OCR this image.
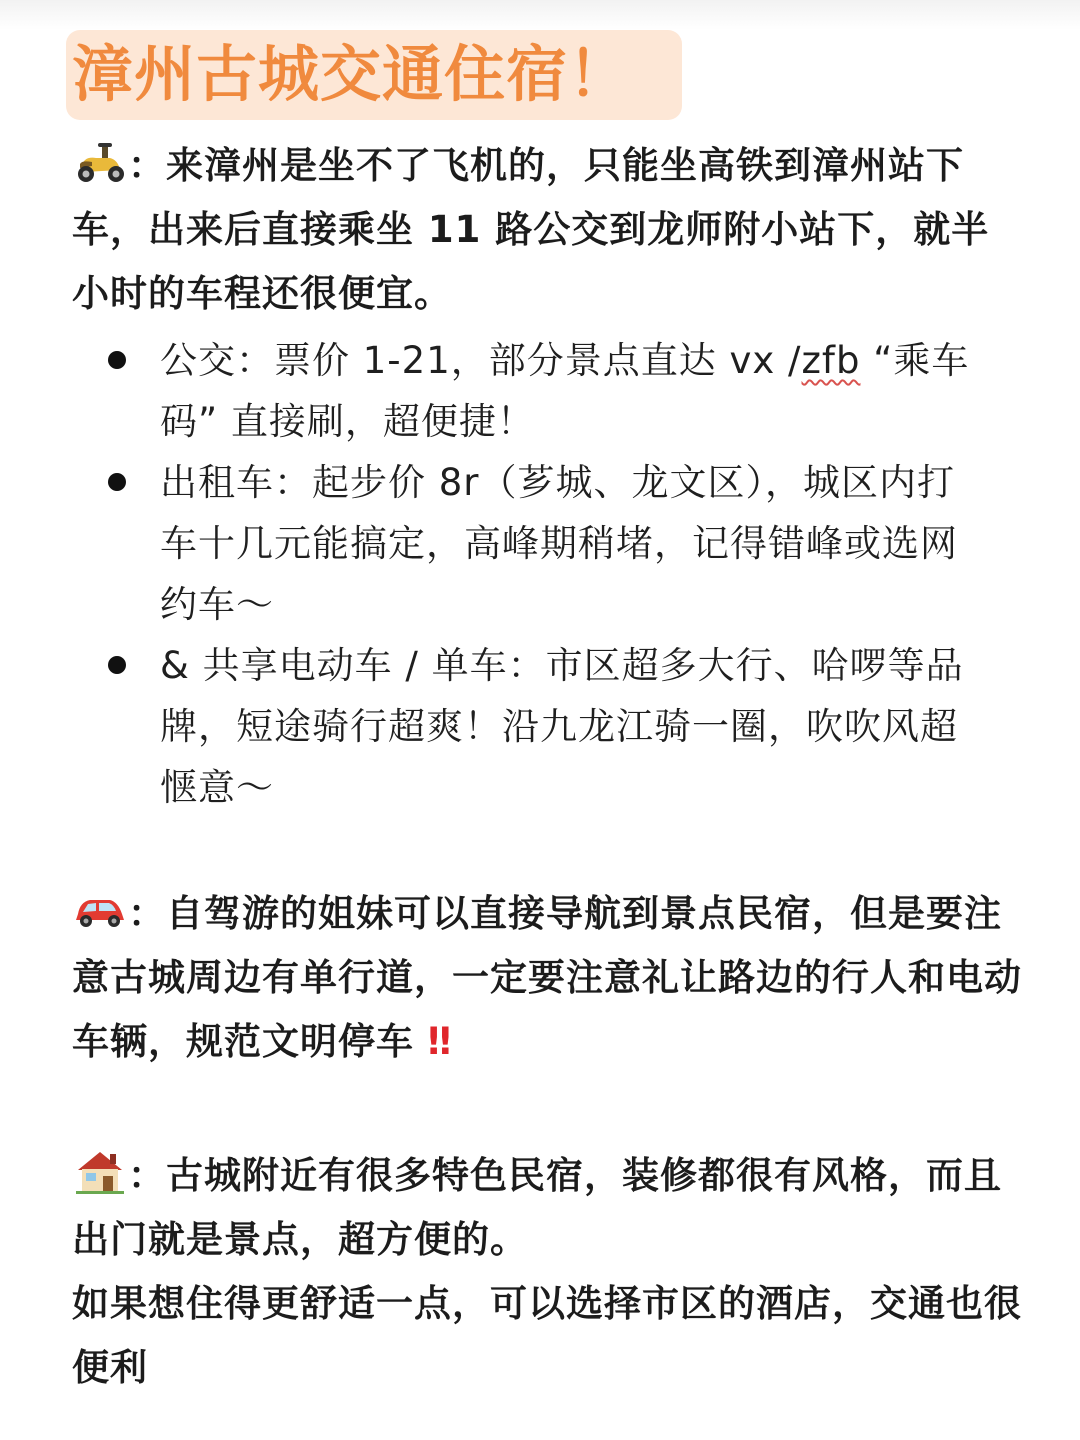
漳州古城交通住宿！
：来漳州是坐不了飞机的，只能坐高铁到漳州站下车，出来后直接乘坐 11 路公交到龙师附小站下，就半小时的车程还很便宜。
公交：票价 1-21，部分景点直达 vx /zfb “乘车码” 直接刷，超便捷！
出租车：起步价 8r（芗城、龙文区），城区内打车十几元能搞定，高峰期稍堵，记得错峰或选网约车～
& 共享电动车 / 单车：市区超多大行、哈啰等品牌，短途骑行超爽！沿九龙江骑一圈，吹吹风超惬意～
：自驾游的姐妹可以直接导航到景点民宿，但是要注意古城周边有单行道，一定要注意礼让路边的行人和电动车辆，规范文明停车 ‼
：古城附近有很多特色民宿，装修都很有风格，而且出门就是景点，超方便的。
如果想住得更舒适一点，可以选择市区的酒店，交通也很便利
